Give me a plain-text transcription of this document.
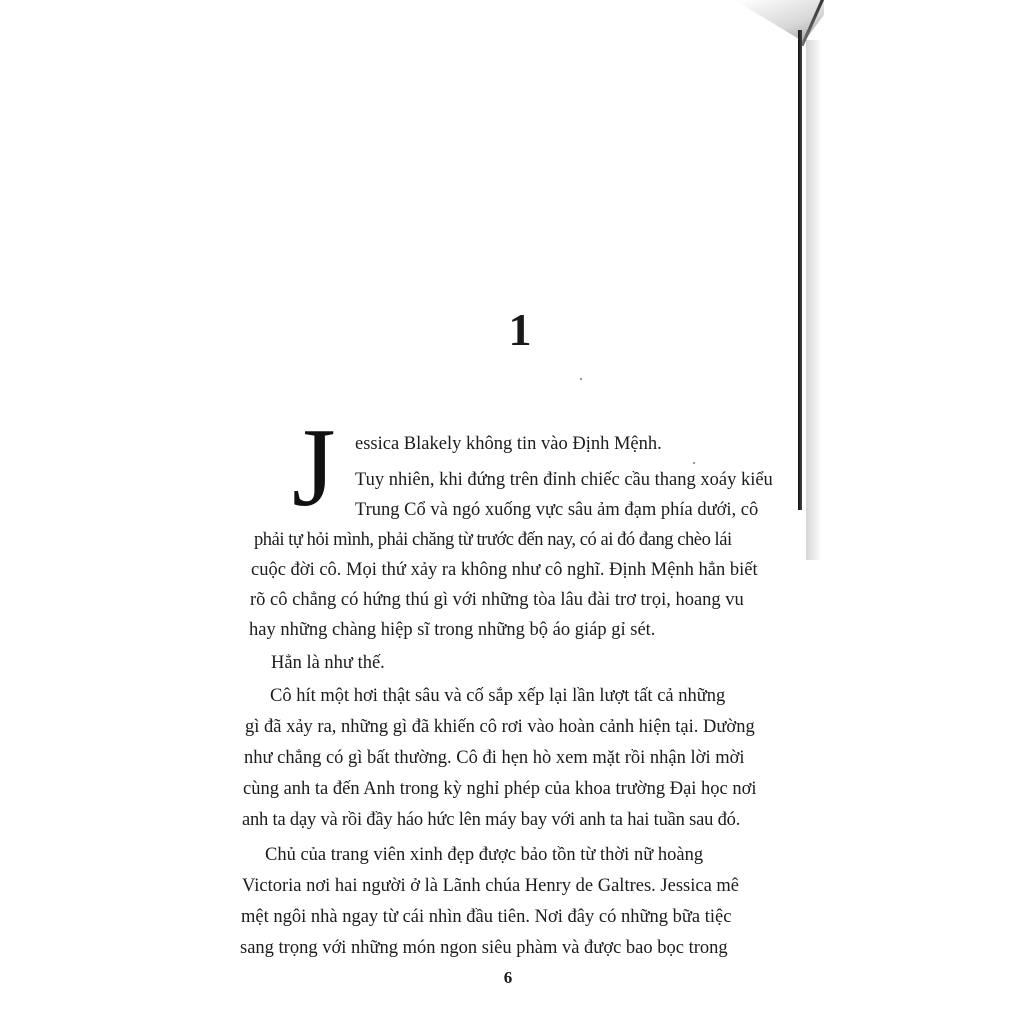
1
J	essica Blakely không tin vào Định Mệnh.
Tuy nhiên, khi đứng trên đỉnh chiếc cầu thang xoáy kiểu
Trung Cổ và ngó xuống vực sâu ảm đạm phía dưới, cô
phải tự hỏi mình, phải chăng từ trước đến nay, có ai đó đang chèo lái
cuộc đời cô. Mọi thứ xảy ra không như cô nghĩ. Định Mệnh hẳn biết
rõ cô chẳng có hứng thú gì với những tòa lâu đài trơ trọi, hoang vu
hay những chàng hiệp sĩ trong những bộ áo giáp gỉ sét.
Hẳn là như thế.
Cô hít một hơi thật sâu và cố sắp xếp lại lần lượt tất cả những
gì đã xảy ra, những gì đã khiến cô rơi vào hoàn cảnh hiện tại. Dường
như chẳng có gì bất thường. Cô đi hẹn hò xem mặt rồi nhận lời mời
cùng anh ta đến Anh trong kỳ nghỉ phép của khoa trường Đại học nơi
anh ta dạy và rồi đầy háo hức lên máy bay với anh ta hai tuần sau đó.
Chủ của trang viên xinh đẹp được bảo tồn từ thời nữ hoàng
Victoria nơi hai người ở là Lãnh chúa Henry de Galtres. Jessica mê
mệt ngôi nhà ngay từ cái nhìn đầu tiên. Nơi đây có những bữa tiệc
sang trọng với những món ngon siêu phàm và được bao bọc trong
6
